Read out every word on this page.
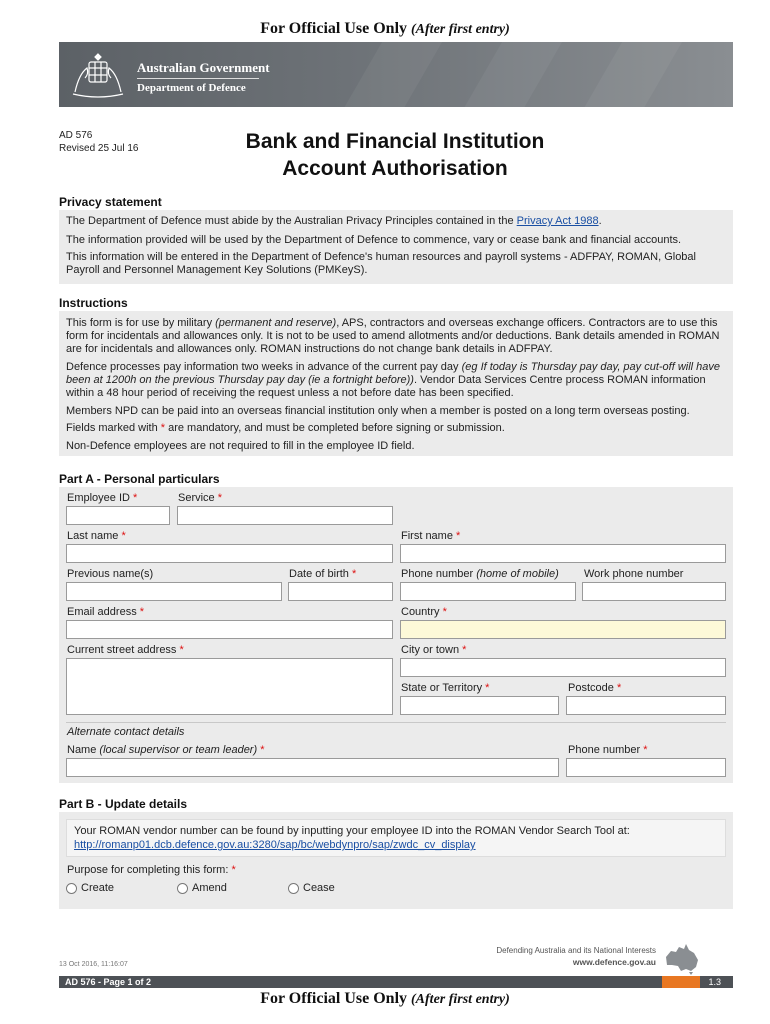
For Official Use Only (After first entry)
Australian Government
Department of Defence
AD 576
Revised 25 Jul 16	Bank and Financial Institution
Account Authorisation
Privacy statement
The Department of Defence must abide by the Australian Privacy Principles contained in the Privacy Act 1988.
The information provided will be used by the Department of Defence to commence, vary or cease bank and financial accounts.
This information will be entered in the Department of Defence's human resources and payroll systems - ADFPAY, ROMAN, Global Payroll and Personnel Management Key Solutions (PMKeyS).
Instructions
This form is for use by military (permanent and reserve), APS, contractors and overseas exchange officers. Contractors are to use this form for incidentals and allowances only. It is not to be used to amend allotments and/or deductions. Bank details amended in ROMAN are for incidentals and allowances only. ROMAN instructions do not change bank details in ADFPAY.
Defence processes pay information two weeks in advance of the current pay day (eg If today is Thursday pay day, pay cut-off will have been at 1200h on the previous Thursday pay day (ie a fortnight before)). Vendor Data Services Centre process ROMAN information within a 48 hour period of receiving the request unless a not before date has been specified.
Members NPD can be paid into an overseas financial institution only when a member is posted on a long term overseas posting.
Fields marked with * are mandatory, and must be completed before signing or submission.
Non-Defence employees are not required to fill in the employee ID field.
Part A - Personal particulars
Employee ID *	Service *
Last name *	First name *
Previous name(s)	Date of birth *	Phone number (home of mobile) Work phone number
Email address *	Country *
Current street address *	City or town *
State or Territory *	Postcode *
Alternate contact details
Name (local supervisor or team leader) *	Phone number *
Part B - Update details
Your ROMAN vendor number can be found by inputting your employee ID into the ROMAN Vendor Search Tool at:
http://romanp01.dcb.defence.gov.au:3280/sap/bc/webdynpro/sap/zwdc_cv_display
Purpose for completing this form: *
Create	Amend	Cease
Defending Australia and its National Interests
www.defence.gov.au
13 Oct 2016, 11:16:07
AD 576 - Page 1 of 2	1.3
For Official Use Only (After first entry)
